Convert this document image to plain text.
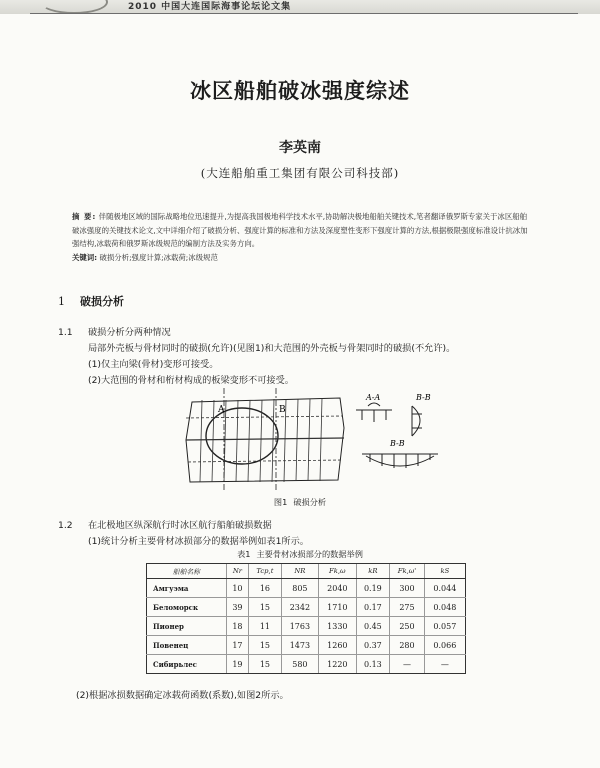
2010 中国大连国际海事论坛论文集
冰区船舶破冰强度综述
李英南
(大连船舶重工集团有限公司科技部)
摘 要: 伴随极地区域的国际战略地位迅速提升,为提高我国极地科学技术水平,协助解决极地船舶关键技术,笔者翻译俄罗斯专家关于冰区船舶破冰强度的关键技术论文,文中详细介绍了破损分析、强度计算的标准和方法及深度塑性变形下强度计算的方法,根据极限强度标准设计抗冰加强结构,冰载荷和俄罗斯冰级规范的编制方法及实务方向。
关键词: 破损分析;强度计算;冰载荷;冰级规范
1 破损分析
1.1 破损分析分两种情况
局部外壳板与骨材同时的破损(允许)(见图1)和大范围的外壳板与骨架同时的破损(不允许)。
(1)仅主向梁(骨材)变形可接受。
(2)大范围的骨材和桁材构成的板梁变形不可接受。
A	B
A-A	B-B
B-B
图1 破损分析
1.2 在北极地区纵深航行时冰区航行船舶破损数据
(1)统计分析主要骨材冰损部分的数据举例如表1所示。
表1 主要骨材冰损部分的数据举例
船舶名称	Nr	Tcp,t	NR	Fk,ω	kR	Fk,ω'	kS
Амгуэма	10	16	805	2040	0.19	300	0.044
Беломорск	39	15	2342	1710	0.17	275	0.048
Пионер	18	11	1763	1330	0.45	250	0.057
Повенец	17	15	1473	1260	0.37	280	0.066
Сибирьлес	19	15	580	1220	0.13	—	—
(2)根据冰损数据确定冰载荷函数(系数),如图2所示。
